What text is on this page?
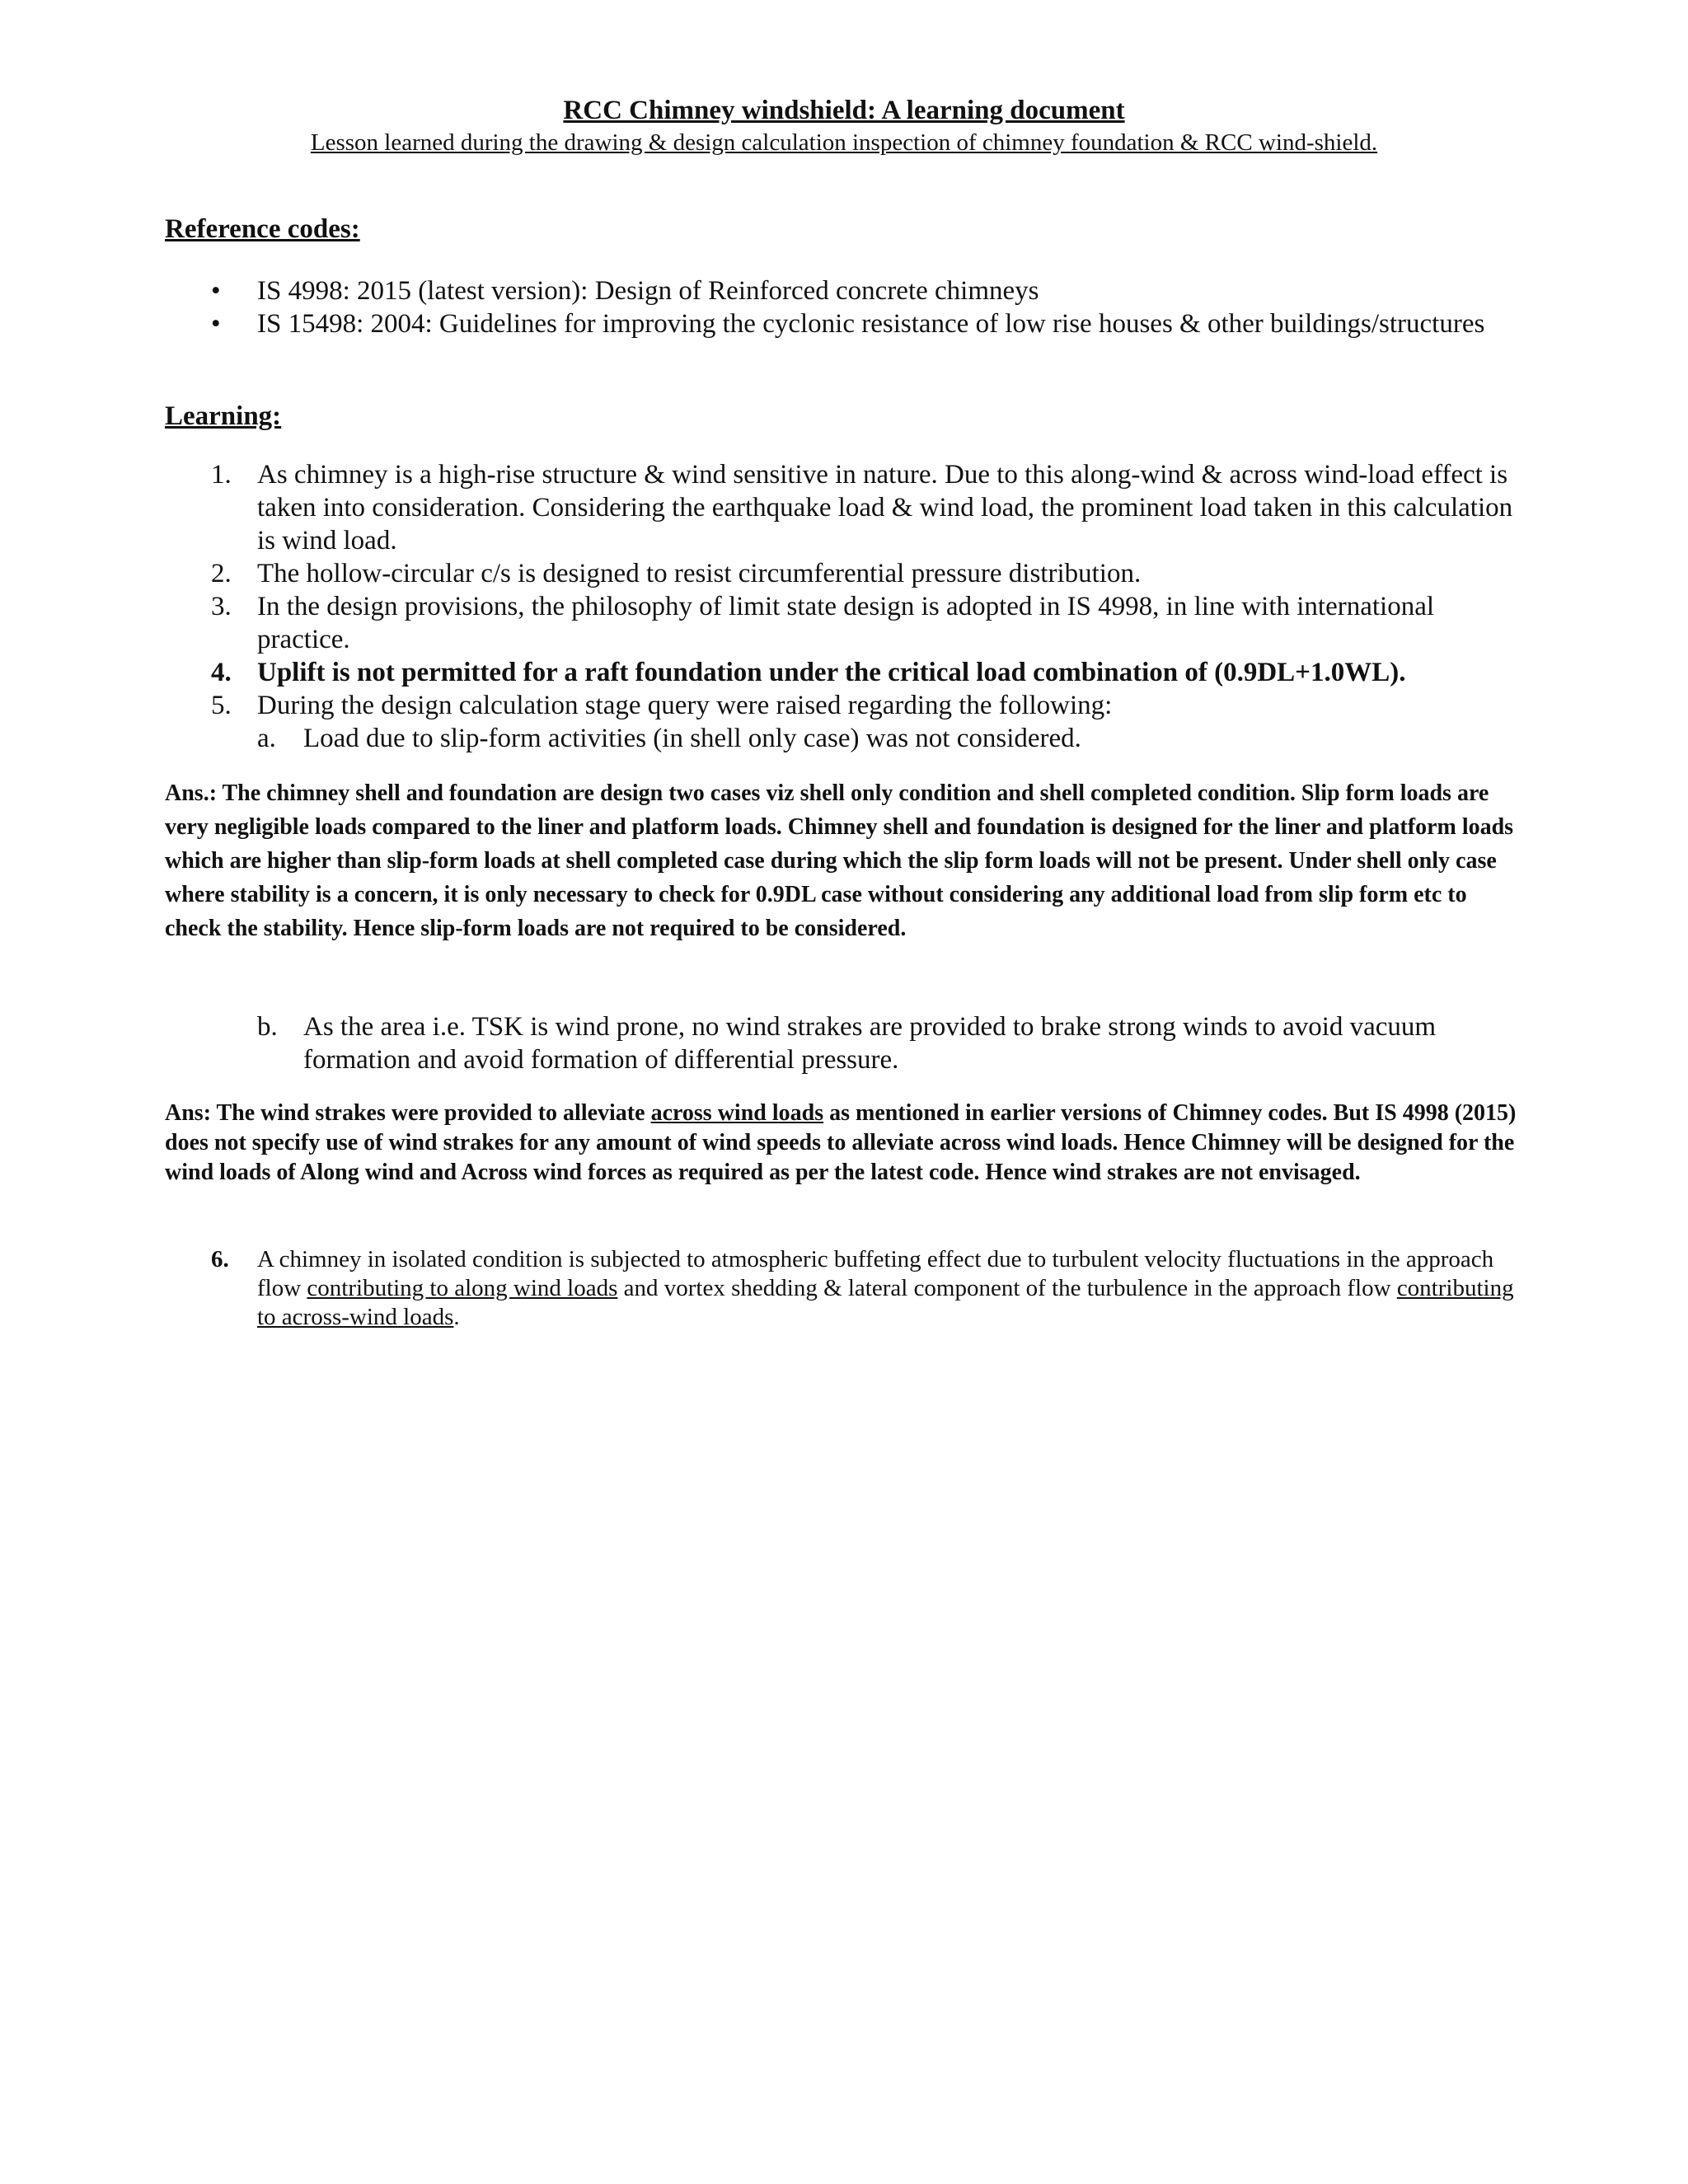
RCC Chimney windshield: A learning document

Lesson learned during the drawing & design calculation inspection of chimney foundation & RCC wind-shield.

Reference codes:
• IS 4998: 2015 (latest version): Design of Reinforced concrete chimneys
• IS 15498: 2004: Guidelines for improving the cyclonic resistance of low rise houses & other buildings/structures
Learning:
1. As chimney is a high-rise structure & wind sensitive in nature. Due to this along-wind & across wind-load effect is taken into consideration. Considering the earthquake load & wind load, the prominent load taken in this calculation is wind load.
2. The hollow-circular c/s is designed to resist circumferential pressure distribution.
3. In the design provisions, the philosophy of limit state design is adopted in IS 4998, in line with international practice.
4. Uplift is not permitted for a raft foundation under the critical load combination of (0.9DL+1.0WL).
5. During the design calculation stage query were raised regarding the following:
a. Load due to slip-form activities (in shell only case) was not considered.

Ans.: The chimney shell and foundation are design two cases viz shell only condition and shell completed condition. Slip form loads are very negligible loads compared to the liner and platform loads. Chimney shell and foundation is designed for the liner and platform loads which are higher than slip-form loads at shell completed case during which the slip form loads will not be present. Under shell only case where stability is a concern, it is only necessary to check for 0.9DL case without considering any additional load from slip form etc to check the stability. Hence slip-form loads are not required to be considered.

b. As the area i.e. TSK is wind prone, no wind strakes are provided to brake strong winds to avoid vacuum formation and avoid formation of differential pressure.

Ans: The wind strakes were provided to alleviate across wind loads as mentioned in earlier versions of Chimney codes. But IS 4998 (2015) does not specify use of wind strakes for any amount of wind speeds to alleviate across wind loads. Hence Chimney will be designed for the wind loads of Along wind and Across wind forces as required as per the latest code. Hence wind strakes are not envisaged.

6. A chimney in isolated condition is subjected to atmospheric buffeting effect due to turbulent velocity fluctuations in the approach flow contributing to along wind loads and vortex shedding & lateral component of the turbulence in the approach flow contributing to across-wind loads.
